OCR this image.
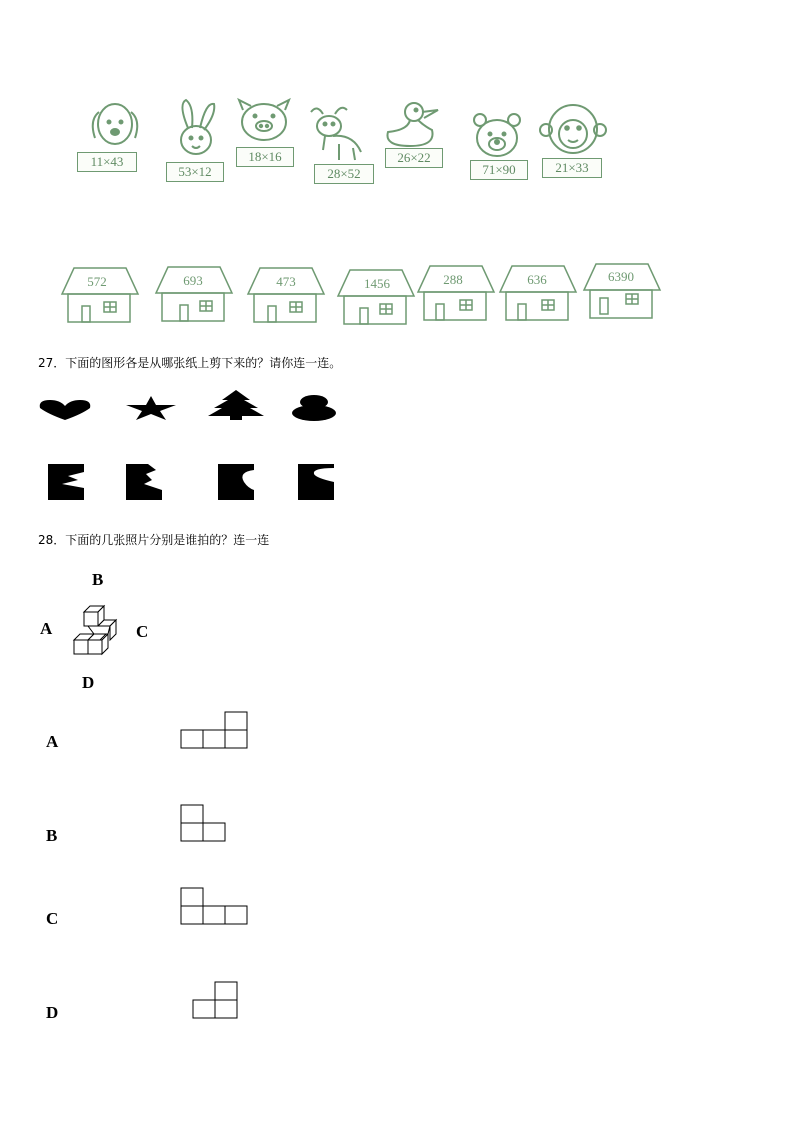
11×43
53×12
18×16
28×52
26×22
71×90	21×33
572	693	473	1456	288	636	6390
27．下面的图形各是从哪张纸上剪下来的？请你连一连。
28．下面的几张照片分别是谁拍的？连一连
B
A	C
D
A
B
C
D
